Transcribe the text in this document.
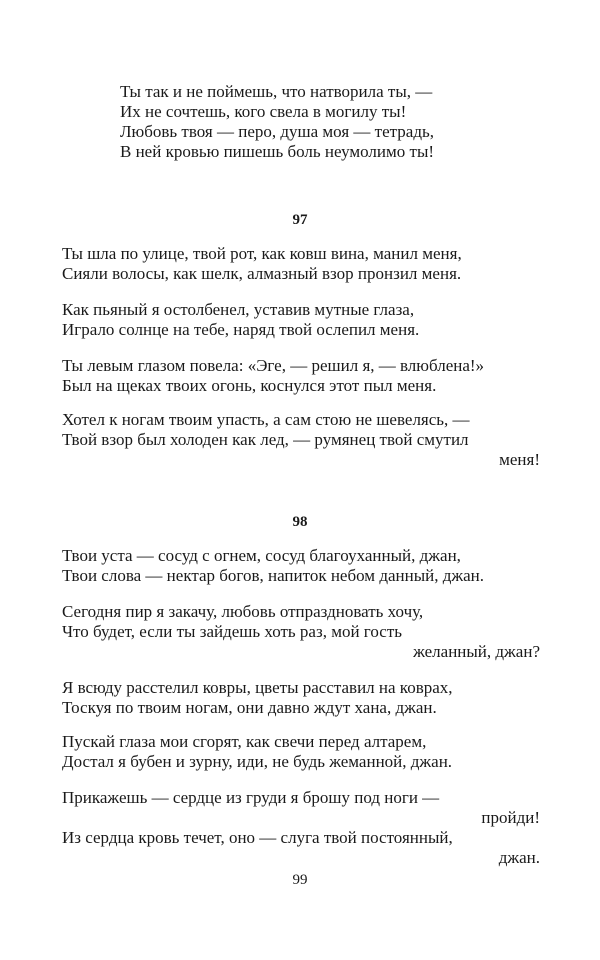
Ты так и не поймешь, что натворила ты, —
Их не сочтешь, кого свела в могилу ты!
Любовь твоя — перо, душа моя — тетрадь,
В ней кровью пишешь боль неумолимо ты!
97
Ты шла по улице, твой рот, как ковш вина, манил меня,
Сияли волосы, как шелк, алмазный взор пронзил меня.
Как пьяный я остолбенел, уставив мутные глаза,
Играло солнце на тебе, наряд твой ослепил меня.
Ты левым глазом повела: «Эге, — решил я, — влюблена!»
Был на щеках твоих огонь, коснулся этот пыл меня.
Хотел к ногам твоим упасть, а сам стою не шевелясь, —
Твой взор был холоден как лед, — румянец твой смутил
меня!
98
Твои уста — сосуд с огнем, сосуд благоуханный, джан,
Твои слова — нектар богов, напиток небом данный, джан.
Сегодня пир я закачу, любовь отпраздновать хочу,
Что будет, если ты зайдешь хоть раз, мой гость
желанный, джан?
Я всюду расстелил ковры, цветы расставил на коврах,
Тоскуя по твоим ногам, они давно ждут хана, джан.
Пускай глаза мои сгорят, как свечи перед алтарем,
Достал я бубен и зурну, иди, не будь жеманной, джан.
Прикажешь — сердце из груди я брошу под ноги —
пройди!
Из сердца кровь течет, оно — слуга твой постоянный,
джан.
99
